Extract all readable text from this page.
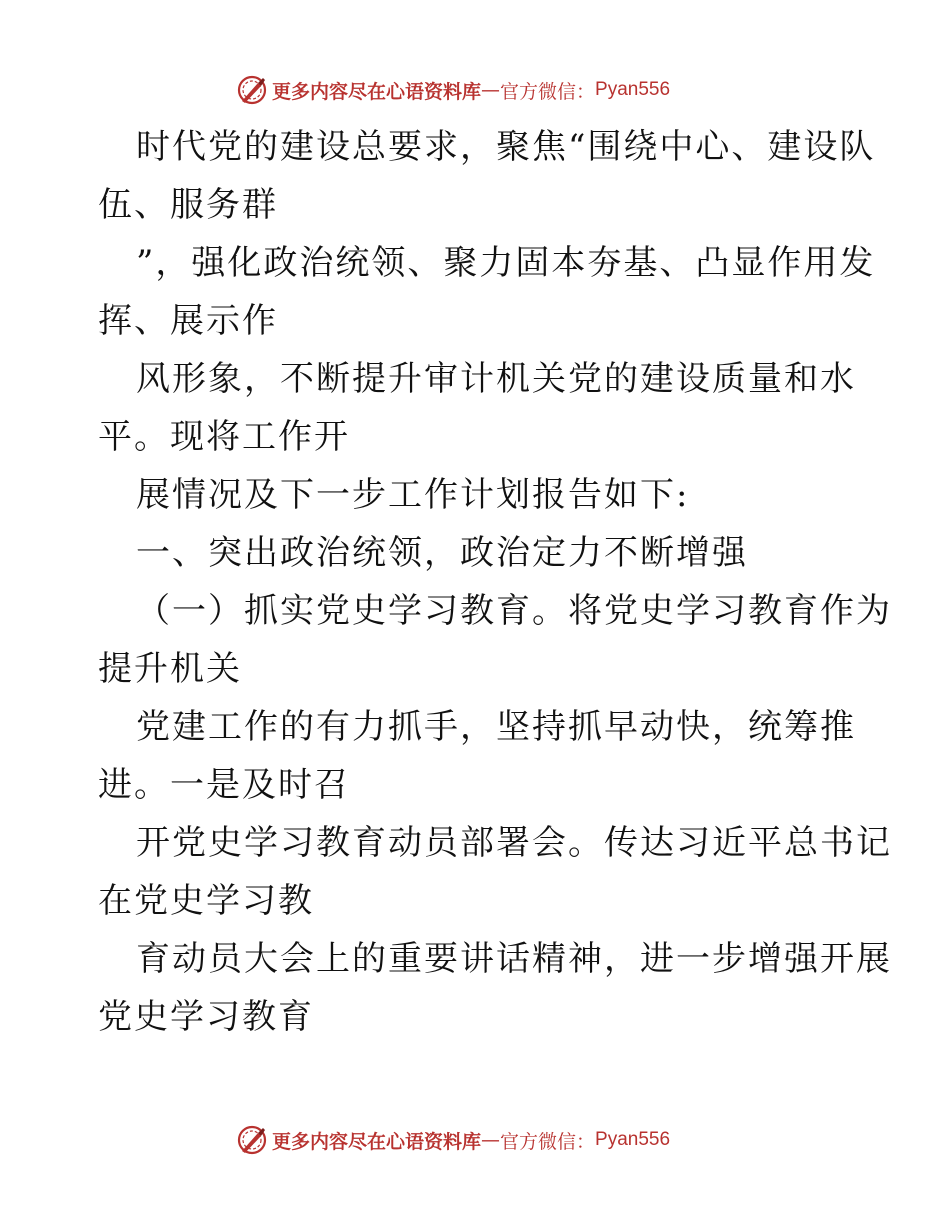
更多内容尽在心语资料库 — 官方微信： Pyan556
时代党的建设总要求，聚焦“围绕中心、建设队
伍、服务群
”，强化政治统领、聚力固本夯基、凸显作用发
挥、展示作
风形象，不断提升审计机关党的建设质量和水
平。现将工作开
展情况及下一步工作计划报告如下:
一、突出政治统领，政治定力不断增强
（一）抓实党史学习教育。将党史学习教育作为
提升机关
党建工作的有力抓手，坚持抓早动快，统筹推
进。一是及时召
开党史学习教育动员部署会。传达习近平总书记
在党史学习教
育动员大会上的重要讲话精神，进一步增强开展
党史学习教育
更多内容尽在心语资料库 — 官方微信： Pyan556
